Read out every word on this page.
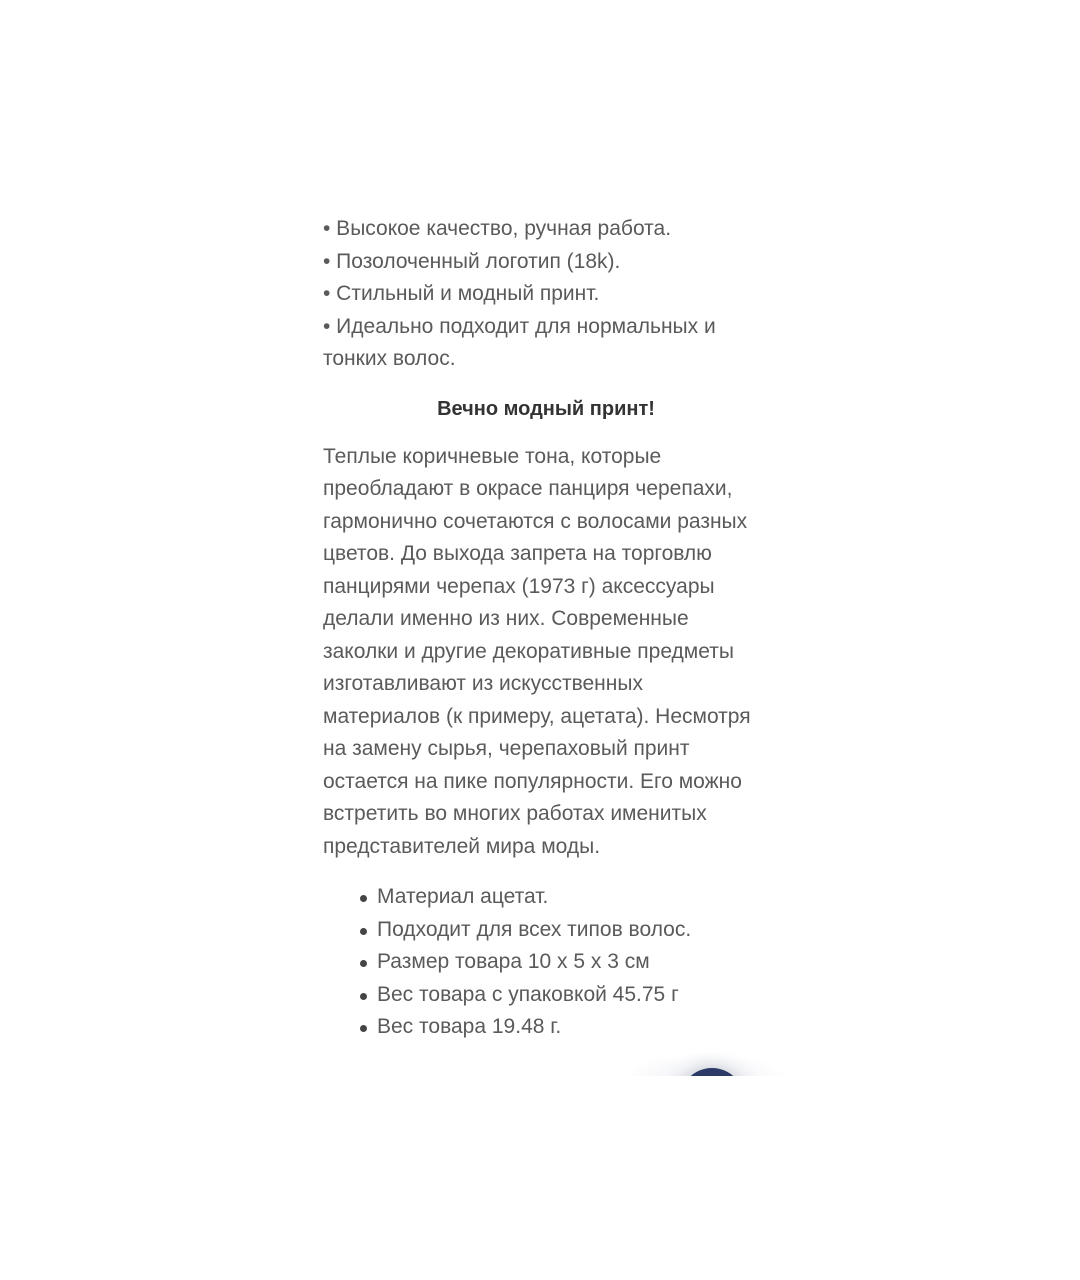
• Высокое качество, ручная работа.
• Позолоченный логотип (18k).
• Стильный и модный принт.
• Идеально подходит для нормальных и тонких волос.
Вечно модный принт!

Теплые коричневые тона, которые преобладают в окрасе панциря черепахи, гармонично сочетаются с волосами разных цветов. До выхода запрета на торговлю панцирями черепах (1973 г) аксессуары делали именно из них. Современные заколки и другие декоративные предметы изготавливают из искусственных материалов (к примеру, ацетата). Несмотря на замену сырья, черепаховый принт остается на пике популярности. Его можно встретить во многих работах именитых представителей мира моды.

Материал ацетат.
Подходит для всех типов волос.
Размер товара 10 х 5 х 3 см
Вес товара с упаковкой 45.75 г
Вес товара 19.48 г.
